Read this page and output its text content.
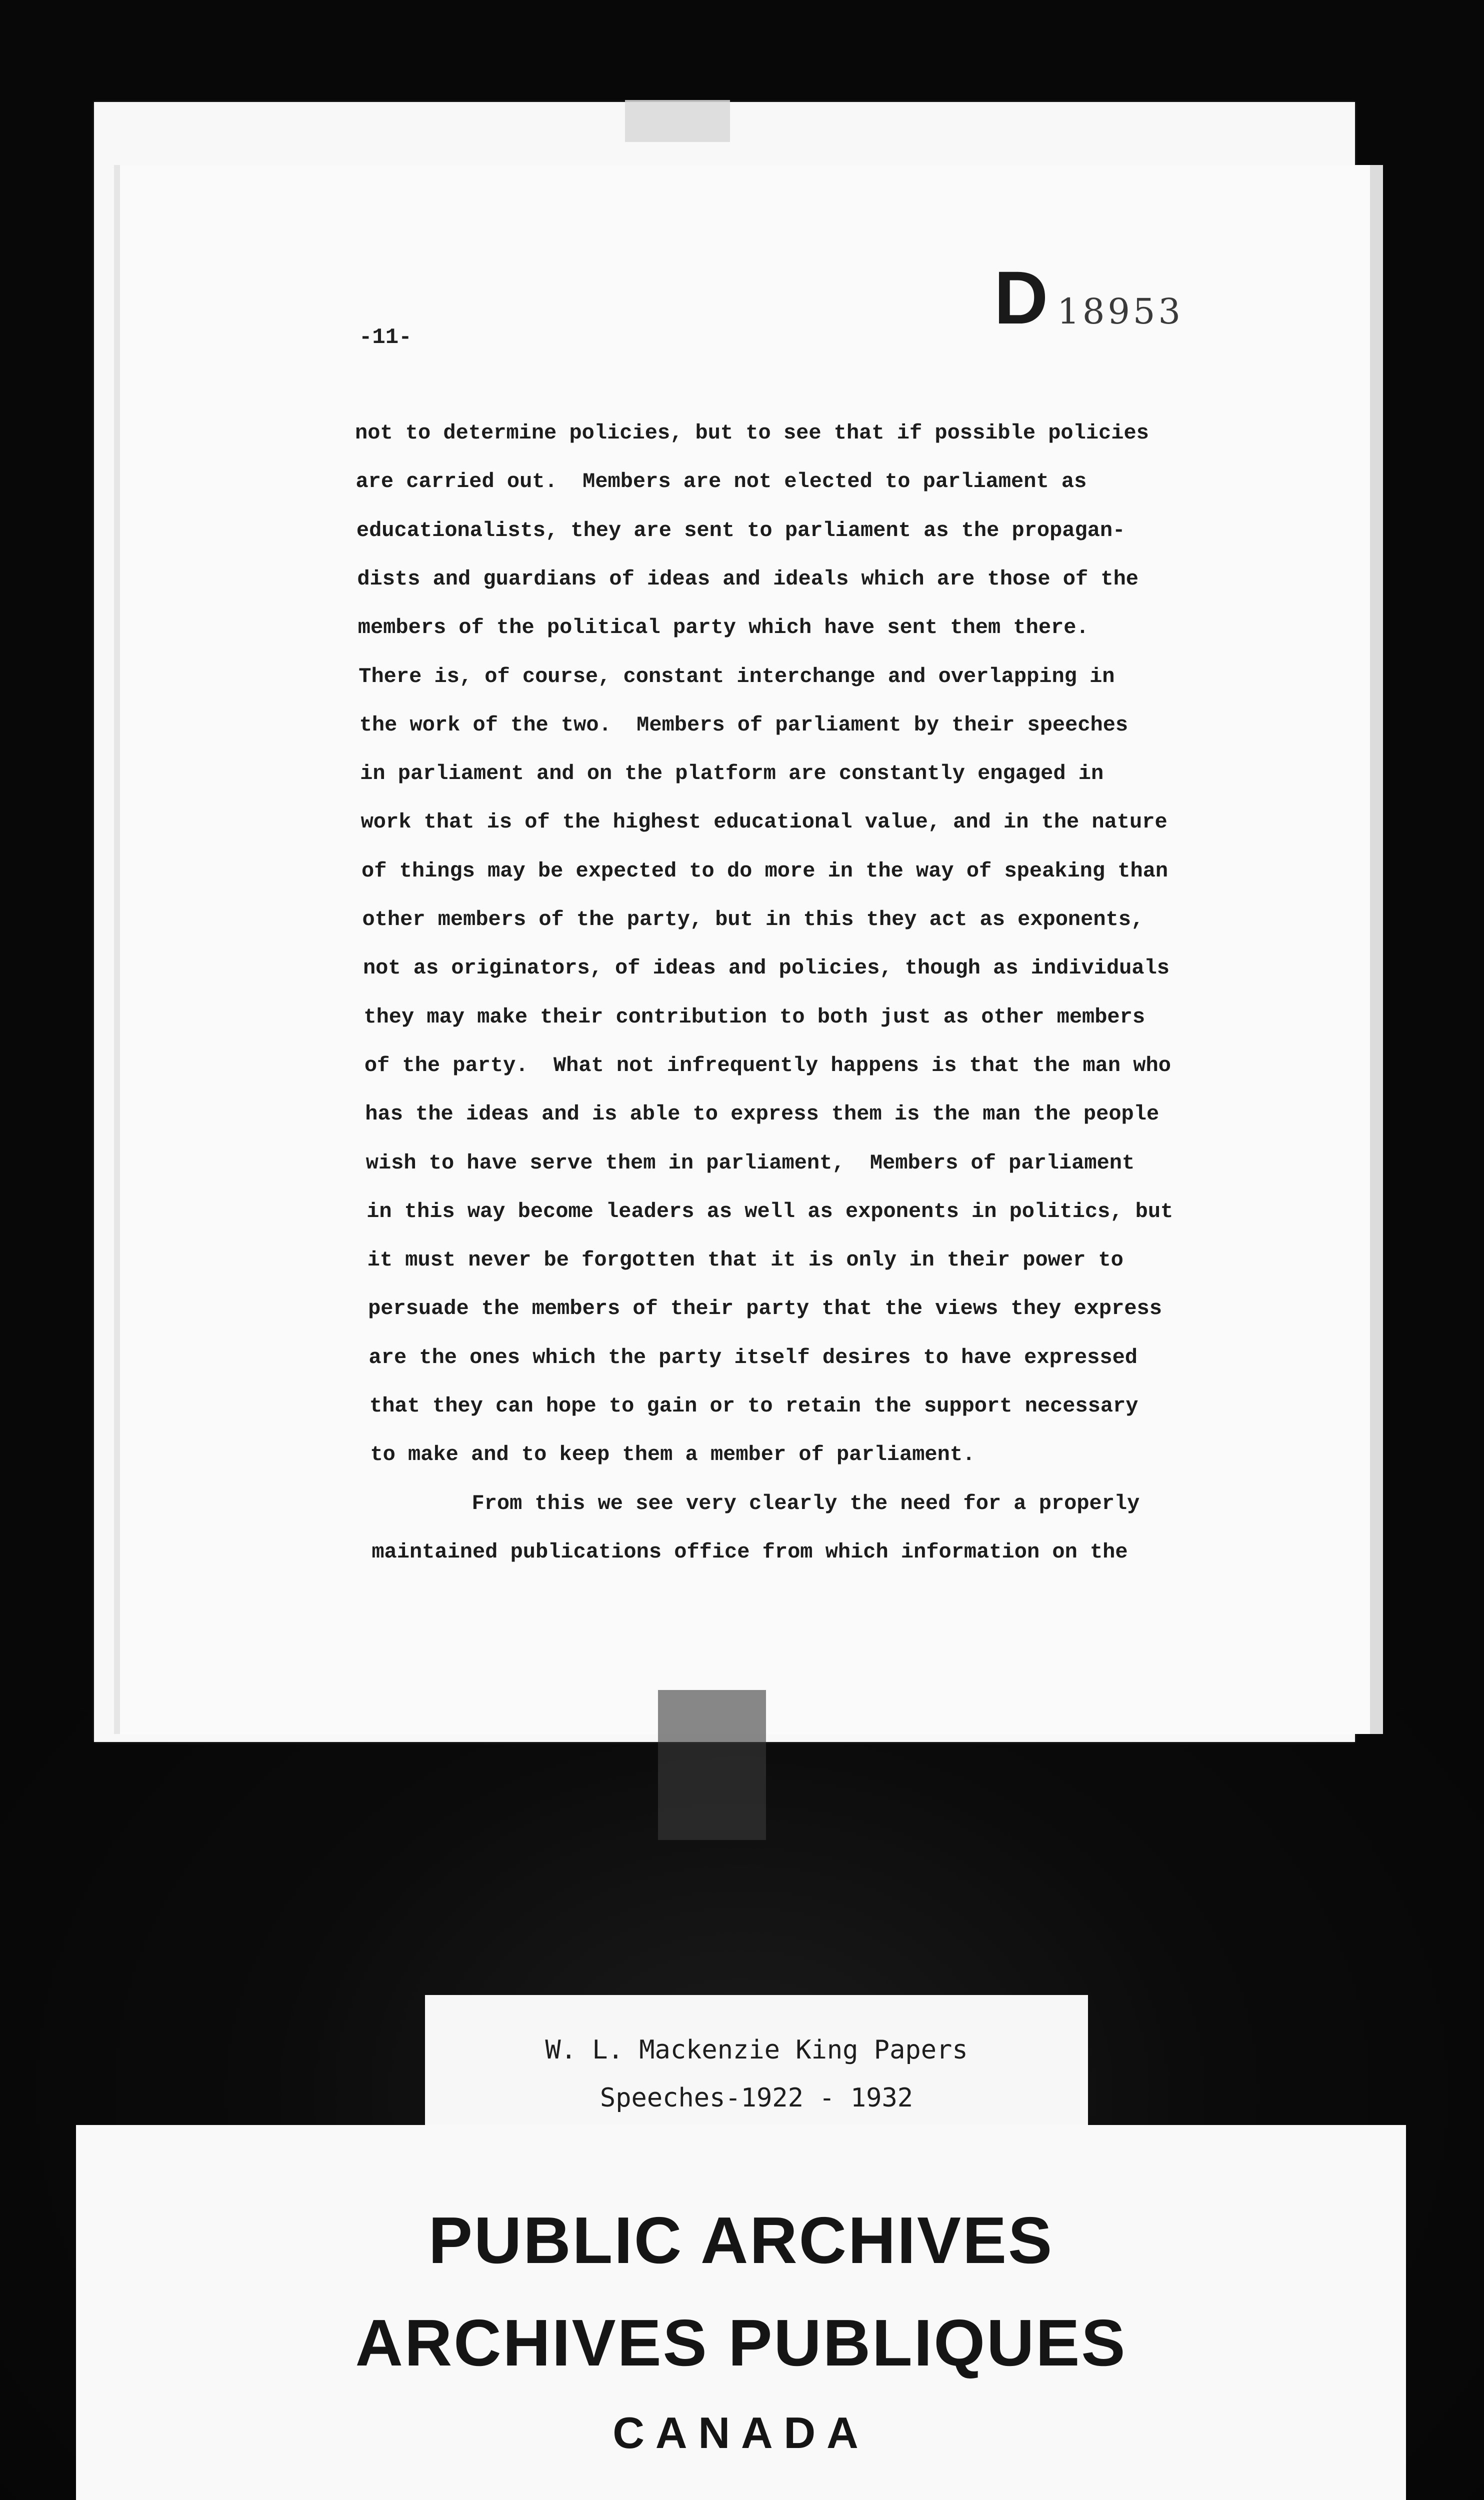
D 18953
-11-
not to determine policies, but to see that if possible policies
are carried out.  Members are not elected to parliament as
educationalists, they are sent to parliament as the propagan-
dists and guardians of ideas and ideals which are those of the
members of the political party which have sent them there.
There is, of course, constant interchange and overlapping in
the work of the two.  Members of parliament by their speeches
in parliament and on the platform are constantly engaged in
work that is of the highest educational value, and in the nature
of things may be expected to do more in the way of speaking than
other members of the party, but in this they act as exponents,
not as originators, of ideas and policies, though as individuals
they may make their contribution to both just as other members
of the party.  What not infrequently happens is that the man who
has the ideas and is able to express them is the man the people
wish to have serve them in parliament,  Members of parliament
in this way become leaders as well as exponents in politics, but
it must never be forgotten that it is only in their power to
persuade the members of their party that the views they express
are the ones which the party itself desires to have expressed
that they can hope to gain or to retain the support necessary
to make and to keep them a member of parliament.
From this we see very clearly the need for a properly
maintained publications office from which information on the
W. L. Mackenzie King Papers
Speeches-1922 - 1932
PUBLIC ARCHIVES
ARCHIVES PUBLIQUES
CANADA
